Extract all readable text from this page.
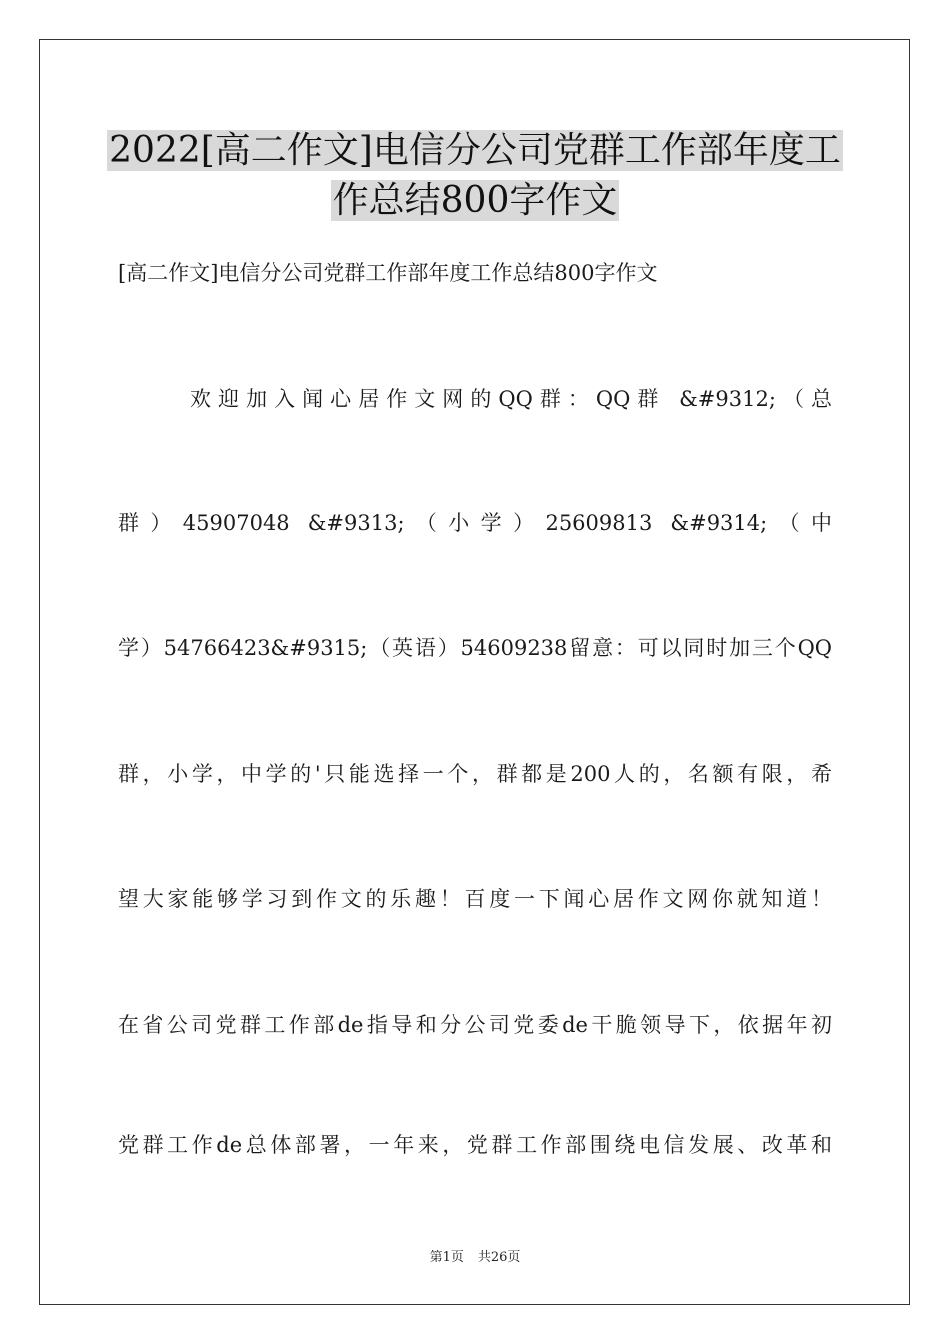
2022[高二作文]电信分公司党群工作部年度工
作总结800字作文
[高二作文]电信分公司党群工作部年度工作总结800字作文
欢迎加入闻心居作文网的QQ群：QQ群 &#9312;（总
群）45907048 &#9313;（小学）25609813 &#9314;（中
学）54766423&#9315;（英语）54609238留意：可以同时加三个QQ
群，小学，中学的'只能选择一个，群都是200人的，名额有限，希
望大家能够学习到作文的乐趣！百度一下闻心居作文网你就知道！
在省公司党群工作部de指导和分公司党委de干脆领导下，依据年初
党群工作de总体部署，一年来，党群工作部围绕电信发展、改革和
第1页 共26页
